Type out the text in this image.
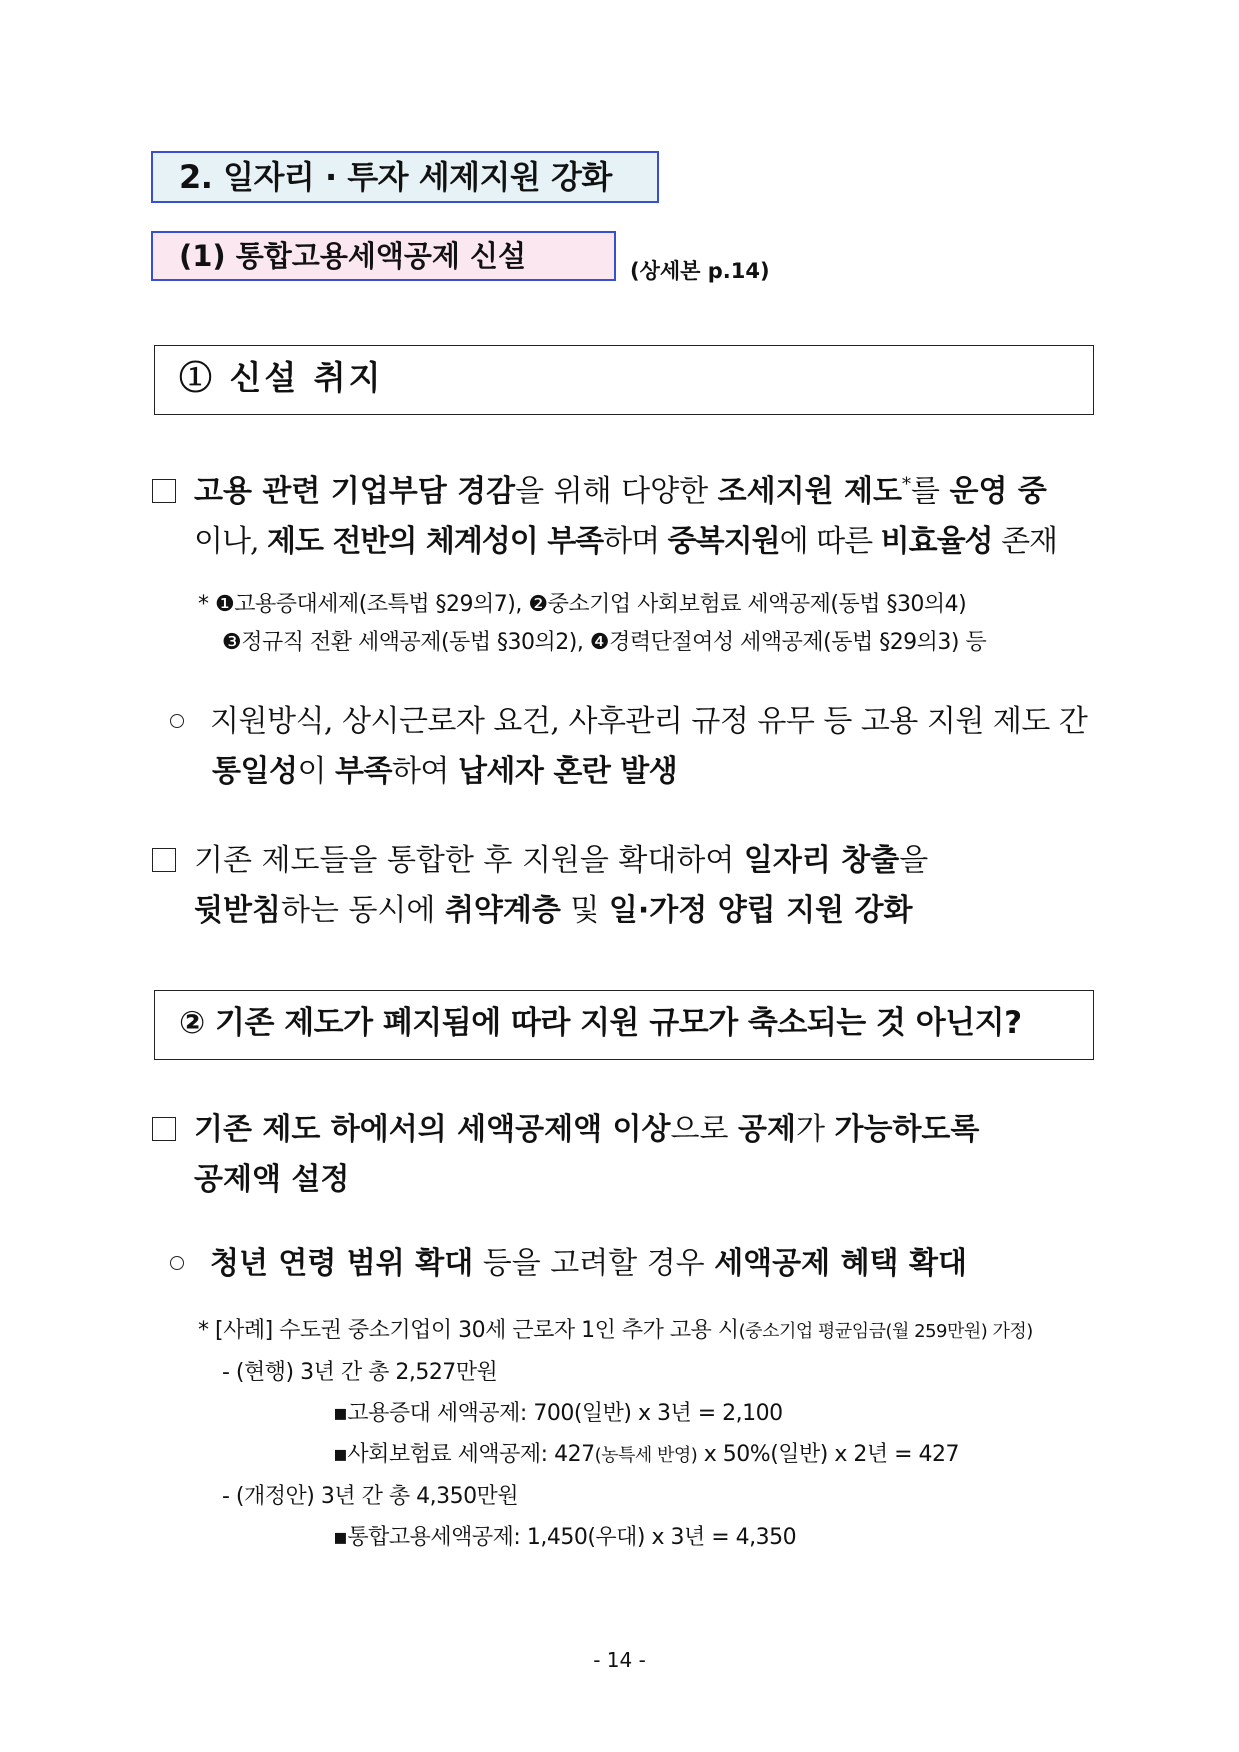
2. 일자리 · 투자 세제지원 강화
(1) 통합고용세액공제 신설	(상세본 p.14)
① 신설 취지
고용 관련 기업부담 경감을 위해 다양한 조세지원 제도*를 운영 중
이나, 제도 전반의 체계성이 부족하며 중복지원에 따른 비효율성 존재
* ❶고용증대세제(조특법 §29의7), ❷중소기업 사회보험료 세액공제(동법 §30의4)
❸정규직 전환 세액공제(동법 §30의2), ❹경력단절여성 세액공제(동법 §29의3) 등
지원방식, 상시근로자 요건, 사후관리 규정 유무 등 고용 지원 제도 간
통일성이 부족하여 납세자 혼란 발생
기존 제도들을 통합한 후 지원을 확대하여 일자리 창출을
뒷받침하는 동시에 취약계층 및 일·가정 양립 지원 강화
② 기존 제도가 폐지됨에 따라 지원 규모가 축소되는 것 아닌지?
기존 제도 하에서의 세액공제액 이상으로 공제가 가능하도록
공제액 설정
청년 연령 범위 확대 등을 고려할 경우 세액공제 혜택 확대
* [사례] 수도권 중소기업이 30세 근로자 1인 추가 고용 시(중소기업 평균임금(월 259만원) 가정)
- (현행) 3년 간 총 2,527만원
▪고용증대 세액공제: 700(일반) x 3년 = 2,100
▪사회보험료 세액공제: 427(농특세 반영) x 50%(일반) x 2년 = 427
- (개정안) 3년 간 총 4,350만원
▪통합고용세액공제: 1,450(우대) x 3년 = 4,350
- 14 -
